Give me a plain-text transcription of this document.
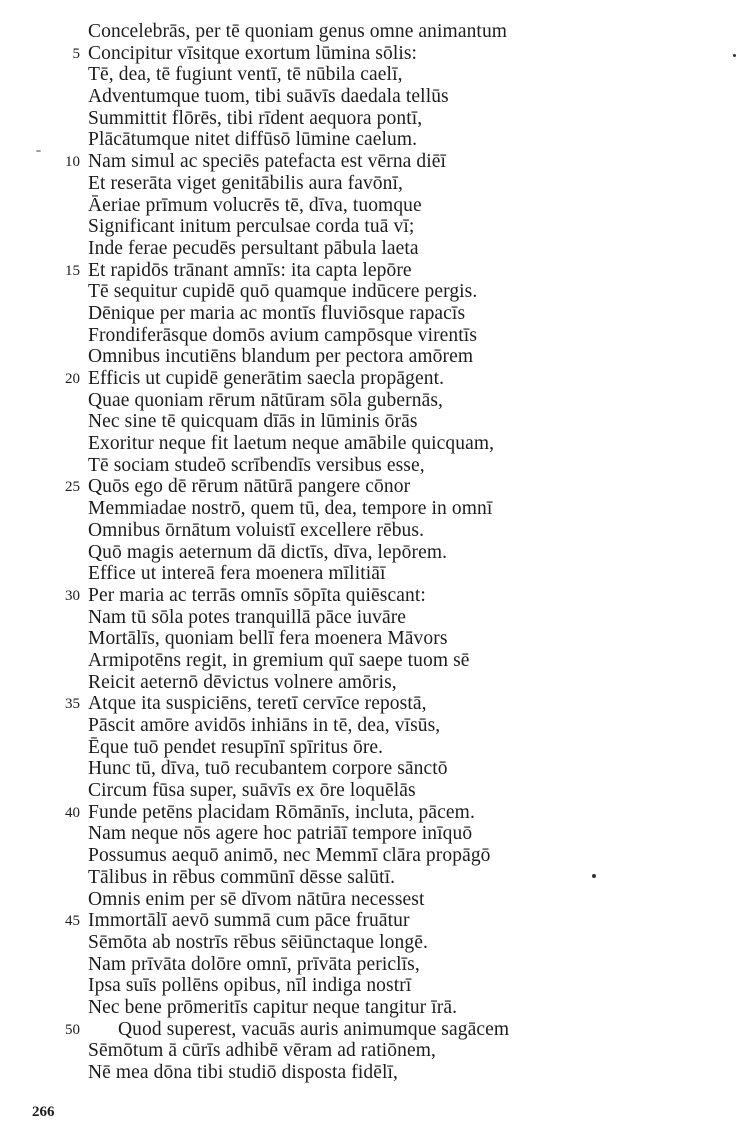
Concelebrās, per tē quoniam genus omne animantum
5 Concipitur vīsitque exortum lūmina sōlis:
Tē, dea, tē fugiunt ventī, tē nūbila caelī,
Adventumque tuom, tibi suāvīs daedala tellūs
Summittit flōrēs, tibi rīdent aequora pontī,
Plācātumque nitet diffūsō lūmine caelum.
10 Nam simul ac speciēs patefacta est vērna diēī
Et reserāta viget genitābilis aura favōnī,
Āeriae prīmum volucrēs tē, dīva, tuomque
Significant initum perculsae corda tuā vī;
Inde ferae pecudēs persultant pābula laeta
15 Et rapidōs trānant amnīs: ita capta lepōre
Tē sequitur cupidē quō quamque indūcere pergis.
Dēnique per maria ac montīs fluviōsque rapacīs
Frondiferāsque domōs avium campōsque virentīs
Omnibus incutiēns blandum per pectora amōrem
20 Efficis ut cupidē generātim saecla propāgent.
Quae quoniam rērum nātūram sōla gubernās,
Nec sine tē quicquam dīās in lūminis ōrās
Exoritur neque fit laetum neque amābile quicquam,
Tē sociam studeō scrībendīs versibus esse,
25 Quōs ego dē rērum nātūrā pangere cōnor
Memmiadae nostrō, quem tū, dea, tempore in omnī
Omnibus ōrnātum voluistī excellere rēbus.
Quō magis aeternum dā dictīs, dīva, lepōrem.
Effice ut intereā fera moenera mīlitiāī
30 Per maria ac terrās omnīs sōpīta quiēscant:
Nam tū sōla potes tranquillā pāce iuvāre
Mortālīs, quoniam bellī fera moenera Māvors
Armipotēns regit, in gremium quī saepe tuom sē
Reicit aeternō dēvictus volnere amōris,
35 Atque ita suspiciēns, teretī cervīce repostā,
Pāscit amōre avidōs inhiāns in tē, dea, vīsūs,
Ēque tuō pendet resupīnī spīritus ōre.
Hunc tū, dīva, tuō recubantem corpore sānctō
Circum fūsa super, suāvīs ex ōre loquēlās
40 Funde petēns placidam Rōmānīs, incluta, pācem.
Nam neque nōs agere hoc patriāī tempore inīquō
Possumus aequō animō, nec Memmī clāra propāgō
Tālibus in rēbus commūnī dēsse salūtī.
Omnis enim per sē dīvom nātūra necessest
45 Immortālī aevō summā cum pāce fruātur
Sēmōta ab nostrīs rēbus sēiūnctaque longē.
Nam prīvāta dolōre omnī, prīvāta periclīs,
Ipsa suīs pollēns opibus, nīl indiga nostrī
Nec bene prōmeritīs capitur neque tangitur īrā.
50 Quod superest, vacuās auris animumque sagācem
Sēmōtum ā cūrīs adhibē vēram ad ratiōnem,
Nē mea dōna tibi studiō disposta fidēlī,
266
